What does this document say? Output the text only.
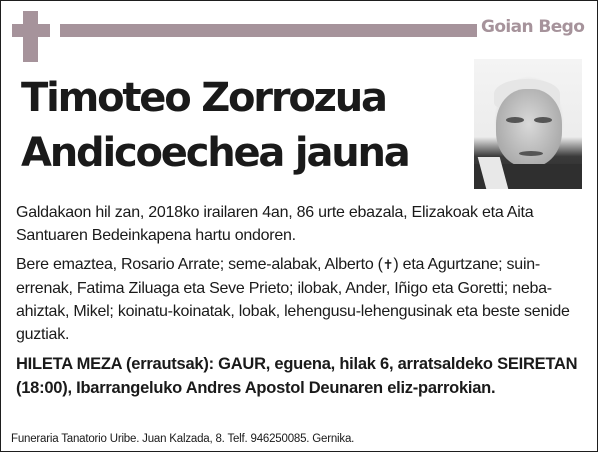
Goian Bego
Timoteo Zorrozua
Andicoechea jauna

Galdakaon hil zan, 2018ko irailaren 4an, 86 urte ebazala, Elizakoak eta Aita Santuaren Bedeinkapena hartu ondoren.

Bere emaztea, Rosario Arrate; seme-alabak, Alberto (✝) eta Agurtzane; suin-errenak, Fatima Ziluaga eta Seve Prieto; ilobak, Ander, Iñigo eta Goretti; neba-ahiztak, Mikel; koinatu-koinatak, lobak, lehengusu-lehengusinak eta beste senide guztiak.

HILETA MEZA (errautsak): GAUR, eguena, hilak 6, arratsaldeko SEIRETAN (18:00), Ibarrangeluko Andres Apostol Deunaren eliz-parrokian.

Funeraria Tanatorio Uribe. Juan Kalzada, 8. Telf. 946250085. Gernika.
